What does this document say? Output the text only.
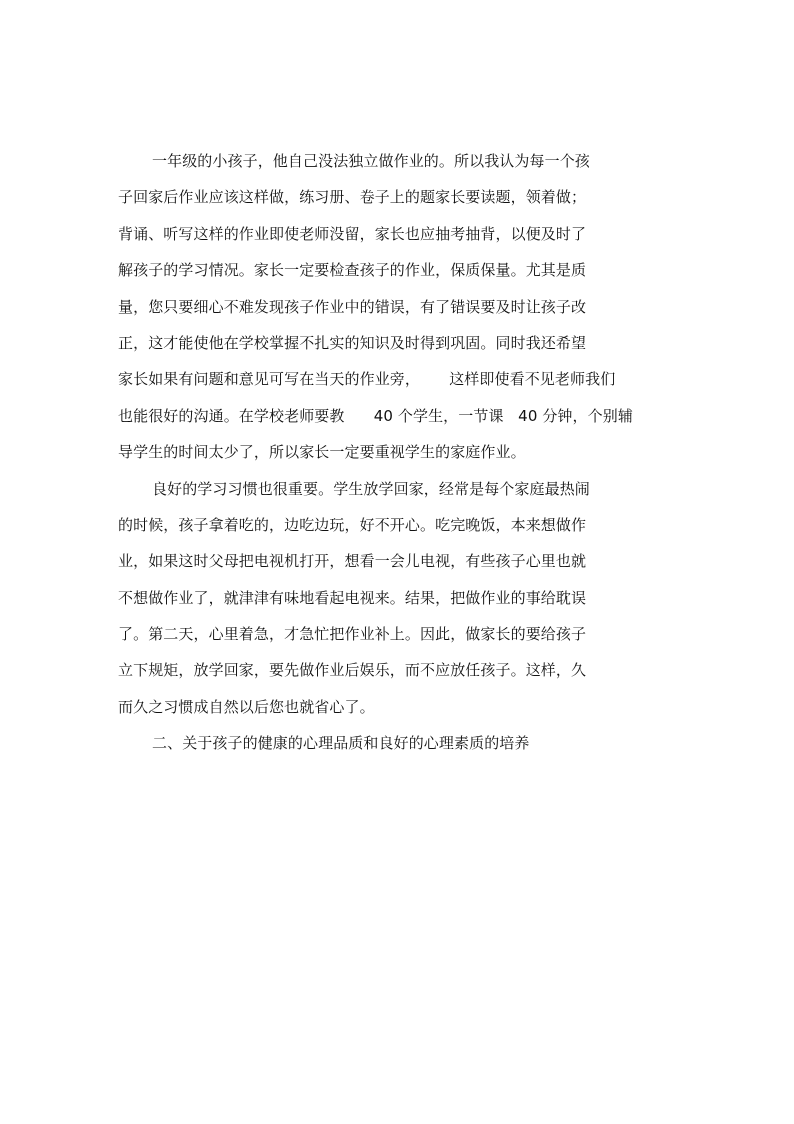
一年级的小孩子，他自己没法独立做作业的。所以我认为每一个孩
子回家后作业应该这样做，练习册、卷子上的题家长要读题，领着做；
背诵、听写这样的作业即使老师没留，家长也应抽考抽背，以便及时了
解孩子的学习情况。家长一定要检查孩子的作业，保质保量。尤其是质
量，您只要细心不难发现孩子作业中的错误，有了错误要及时让孩子改
正，这才能使他在学校掌握不扎实的知识及时得到巩固。同时我还希望
家长如果有问题和意见可写在当天的作业旁，      这样即使看不见老师我们
也能很好的沟通。在学校老师要教      40 个学生，一节课   40 分钟，个别辅
导学生的时间太少了，所以家长一定要重视学生的家庭作业。
良好的学习习惯也很重要。学生放学回家，经常是每个家庭最热闹
的时候，孩子拿着吃的，边吃边玩，好不开心。吃完晚饭，本来想做作
业，如果这时父母把电视机打开，想看一会儿电视，有些孩子心里也就
不想做作业了，就津津有味地看起电视来。结果，把做作业的事给耽误
了。第二天，心里着急，才急忙把作业补上。因此，做家长的要给孩子
立下规矩，放学回家，要先做作业后娱乐，而不应放任孩子。这样，久
而久之习惯成自然以后您也就省心了。
二、关于孩子的健康的心理品质和良好的心理素质的培养
